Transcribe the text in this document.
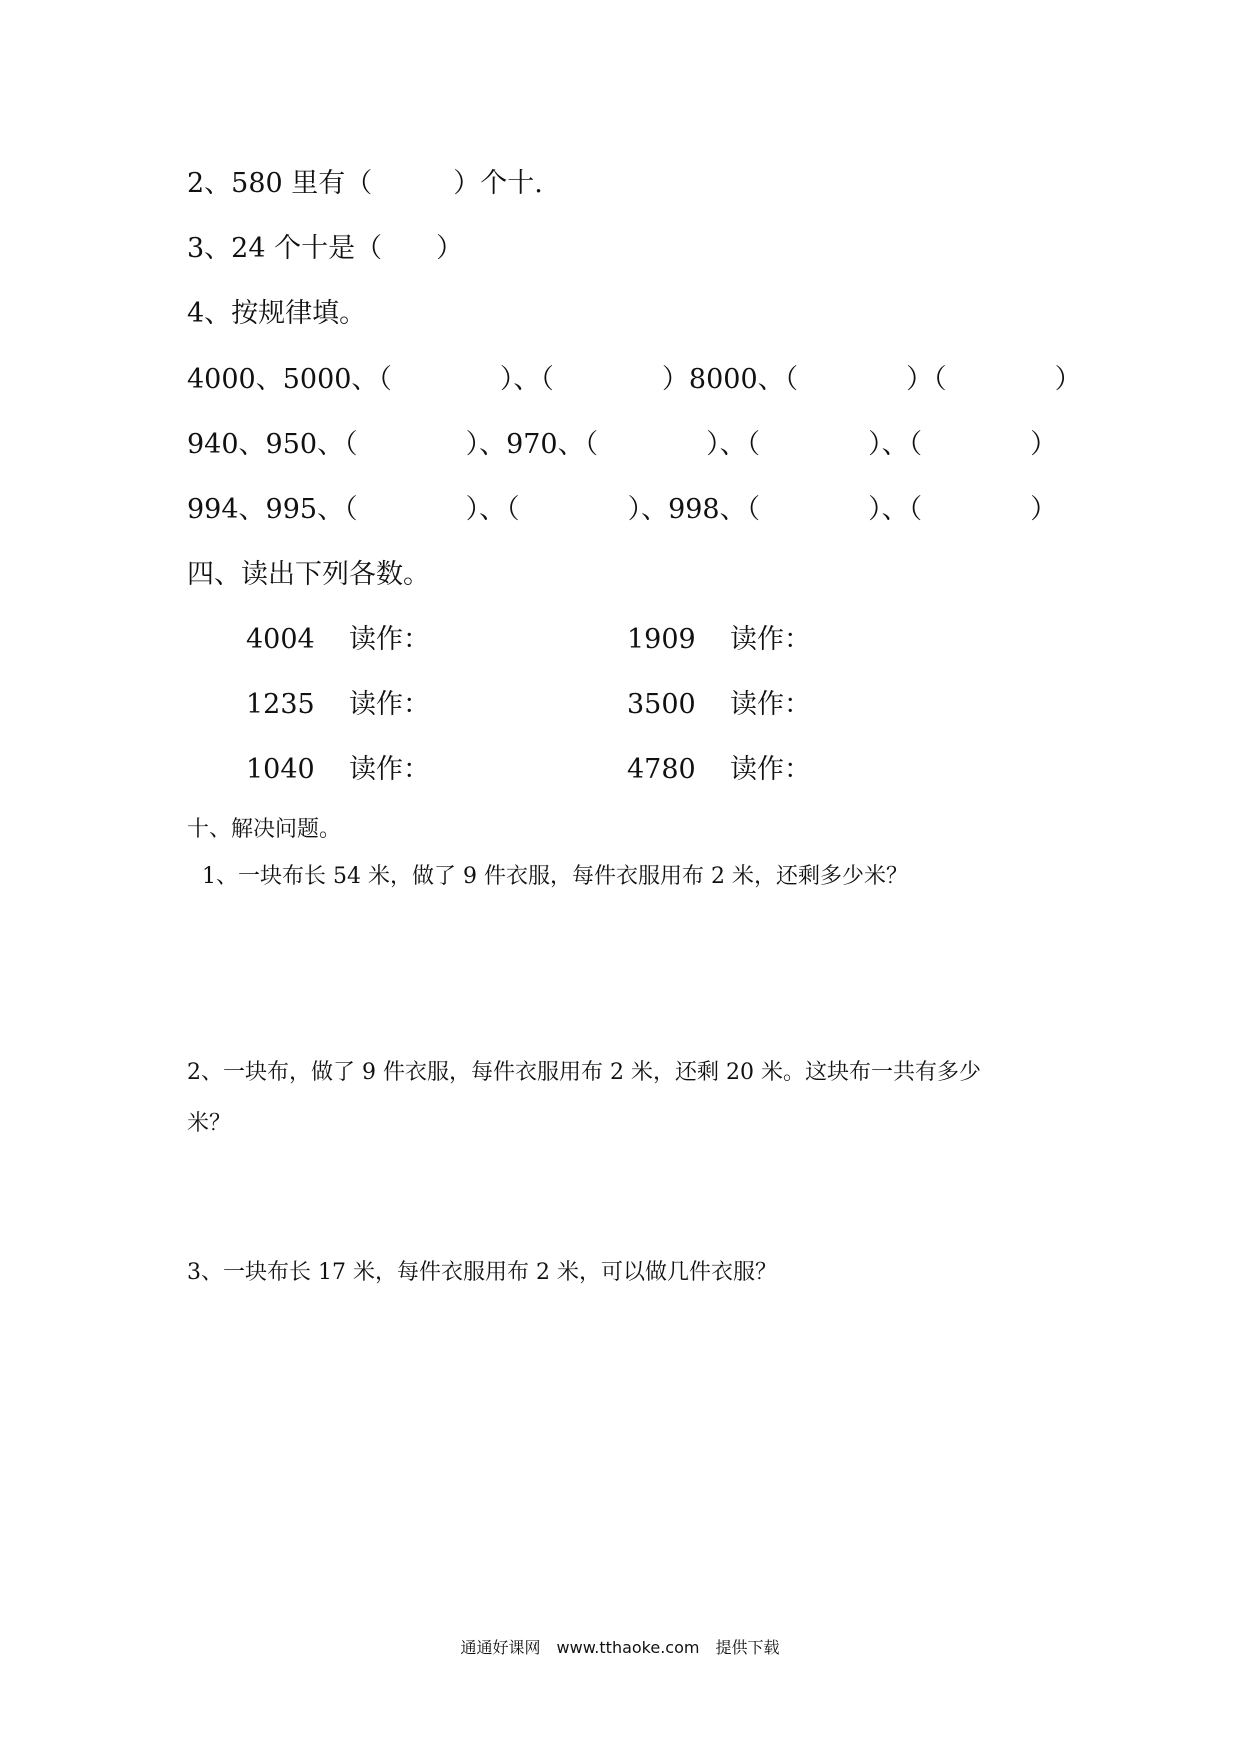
2、580 里有（　　　）个十.
3、24 个十是（　　）
4、按规律填。
4000、5000、（　　　　）、（　　　　）8000、（　　　　）（　　　　）
940、950、（　　　　）、970、（　　　　）、（　　　　）、（　　　　）
994、995、（　　　　）、（　　　　）、998、（　　　　）、（　　　　）
四、读出下列各数。
4004 读作：	1909 读作：
1235 读作：	3500 读作：
1040 读作：	4780 读作：
十、解决问题。
1、一块布长 54 米，做了 9 件衣服，每件衣服用布 2 米，还剩多少米？
2、一块布，做了 9 件衣服，每件衣服用布 2 米，还剩 20 米。这块布一共有多少
米？
3、一块布长 17 米，每件衣服用布 2 米，可以做几件衣服？
通通好课网　www.tthaoke.com　提供下载
